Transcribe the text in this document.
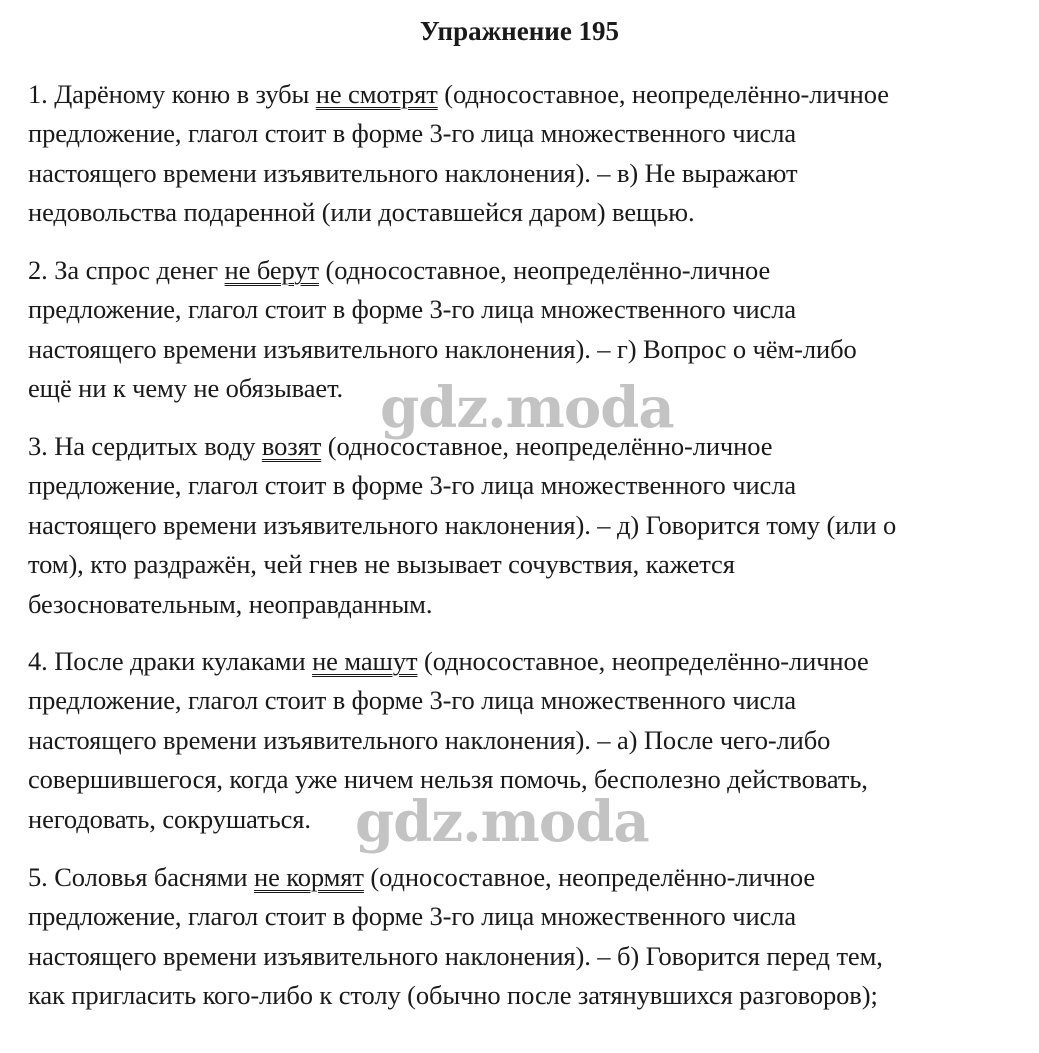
Упражнение 195
1. Дарёному коню в зубы не смотрят (односоставное, неопределённо-личное
предложение, глагол стоит в форме 3-го лица множественного числа
настоящего времени изъявительного наклонения). – в) Не выражают
недовольства подаренной (или доставшейся даром) вещью.
2. За спрос денег не берут (односоставное, неопределённо-личное
предложение, глагол стоит в форме 3-го лица множественного числа
настоящего времени изъявительного наклонения). – г) Вопрос о чём-либо
ещё ни к чему не обязывает.
3. На сердитых воду возят (односоставное, неопределённо-личное
предложение, глагол стоит в форме 3-го лица множественного числа
настоящего времени изъявительного наклонения). – д) Говорится тому (или о
том), кто раздражён, чей гнев не вызывает сочувствия, кажется
безосновательным, неоправданным.
4. После драки кулаками не машут (односоставное, неопределённо-личное
предложение, глагол стоит в форме 3-го лица множественного числа
настоящего времени изъявительного наклонения). – а) После чего-либо
совершившегося, когда уже ничем нельзя помочь, бесполезно действовать,
негодовать, сокрушаться.
5. Соловья баснями не кормят (односоставное, неопределённо-личное
предложение, глагол стоит в форме 3-го лица множественного числа
настоящего времени изъявительного наклонения). – б) Говорится перед тем,
как пригласить кого-либо к столу (обычно после затянувшихся разговоров);
gdz.moda
gdz.moda
